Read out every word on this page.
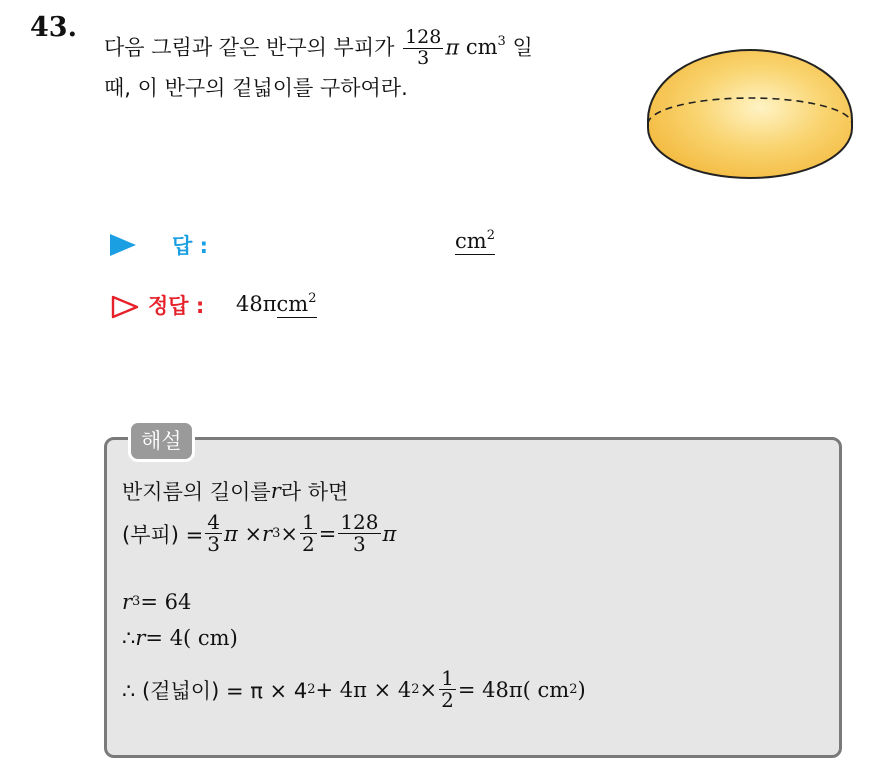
43.
다음 그림과 같은 반구의 부피가 $\frac{128}{3}$ π $cm^3$ 일
때, 이 반구의 겉넓이를 구하여라.
답 :	$cm^2$
정답 : 48πcm$^2$
해설
반지름의 길이를 r 라 하면
(부피) = $\frac{4}{3}$ π × r $3 \times \frac{1}{2} = \frac{128}{3}$ π
r 3 = 64
∴ r = 4( cm)
∴ (겉넓이) = π × 4 2 + 4π × 4 $2 \times \frac{1}{2} = 48\pi$( cm 2 )
